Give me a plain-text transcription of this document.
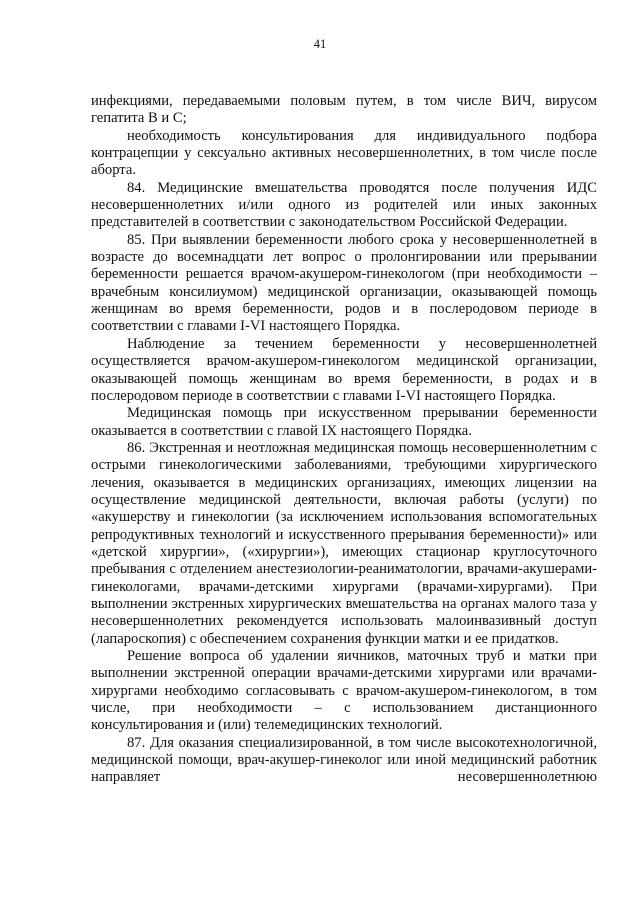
41

инфекциями, передаваемыми половым путем, в том числе ВИЧ, вирусом гепатита В и С;

необходимость консультирования для индивидуального подбора контрацепции у сексуально активных несовершеннолетних, в том числе после аборта.

84. Медицинские вмешательства проводятся после получения ИДС несовершеннолетних и/или одного из родителей или иных законных представителей в соответствии с законодательством Российской Федерации.

85. При выявлении беременности любого срока у несовершеннолетней в возрасте до восемнадцати лет вопрос о пролонгировании или прерывании беременности решается врачом-акушером-гинекологом (при необходимости – врачебным консилиумом) медицинской организации, оказывающей помощь женщинам во время беременности, родов и в послеродовом периоде в соответствии с главами I-VI настоящего Порядка.

Наблюдение за течением беременности у несовершеннолетней осуществляется врачом-акушером-гинекологом медицинской организации, оказывающей помощь женщинам во время беременности, в родах и в послеродовом периоде в соответствии с главами I-VI настоящего Порядка.

Медицинская помощь при искусственном прерывании беременности оказывается в соответствии с главой IX настоящего Порядка.

86. Экстренная и неотложная медицинская помощь несовершеннолетним с острыми гинекологическими заболеваниями, требующими хирургического лечения, оказывается в медицинских организациях, имеющих лицензии на осуществление медицинской деятельности, включая работы (услуги) по «акушерству и гинекологии (за исключением использования вспомогательных репродуктивных технологий и искусственного прерывания беременности)» или «детской хирургии», («хирургии»), имеющих стационар круглосуточного пребывания с отделением анестезиологии-реаниматологии, врачами-акушерами-гинекологами, врачами-детскими хирургами (врачами-хирургами). При выполнении экстренных хирургических вмешательства на органах малого таза у несовершеннолетних рекомендуется использовать малоинвазивный доступ (лапароскопия) с обеспечением сохранения функции матки и ее придатков.

Решение вопроса об удалении яичников, маточных труб и матки при выполнении экстренной операции врачами-детскими хирургами или врачами-хирургами необходимо согласовывать с врачом-акушером-гинекологом, в том числе, при необходимости – с использованием дистанционного консультирования и (или) телемедицинских технологий.

87. Для оказания специализированной, в том числе высокотехнологичной, медицинской помощи, врач-акушер-гинеколог или иной медицинский работник направляет несовершеннолетнюю
